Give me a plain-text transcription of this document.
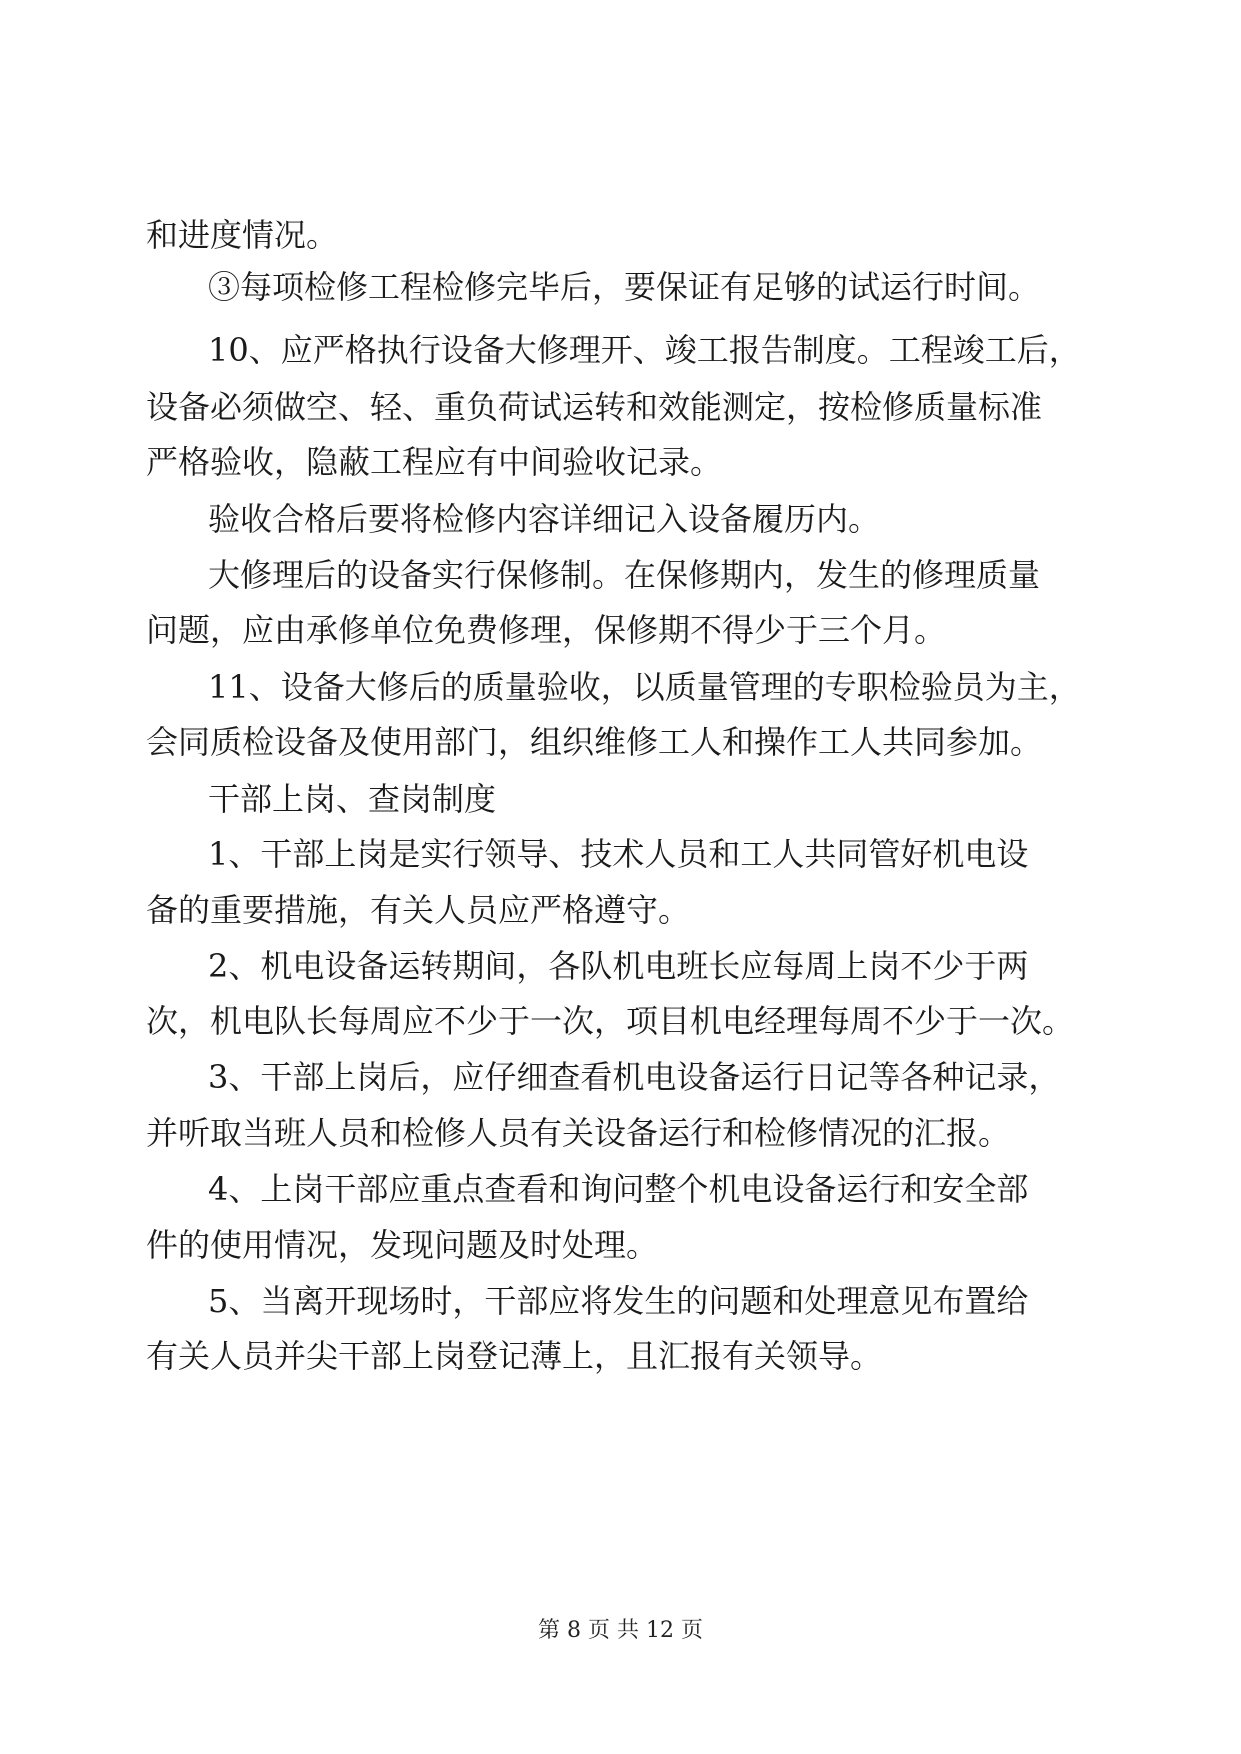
和进度情况。
③每项检修工程检修完毕后，要保证有足够的试运行时间。
10、应严格执行设备大修理开、竣工报告制度。工程竣工后，
设备必须做空、轻、重负荷试运转和效能测定，按检修质量标准
严格验收，隐蔽工程应有中间验收记录。
验收合格后要将检修内容详细记入设备履历内。
大修理后的设备实行保修制。在保修期内，发生的修理质量
问题，应由承修单位免费修理，保修期不得少于三个月。
11、设备大修后的质量验收，以质量管理的专职检验员为主，
会同质检设备及使用部门，组织维修工人和操作工人共同参加。
干部上岗、查岗制度
1、干部上岗是实行领导、技术人员和工人共同管好机电设
备的重要措施，有关人员应严格遵守。
2、机电设备运转期间，各队机电班长应每周上岗不少于两
次，机电队长每周应不少于一次，项目机电经理每周不少于一次。
3、干部上岗后，应仔细查看机电设备运行日记等各种记录，
并听取当班人员和检修人员有关设备运行和检修情况的汇报。
4、上岗干部应重点查看和询问整个机电设备运行和安全部
件的使用情况，发现问题及时处理。
5、当离开现场时，干部应将发生的问题和处理意见布置给
有关人员并尖干部上岗登记薄上，且汇报有关领导。
第 8 页 共 12 页
